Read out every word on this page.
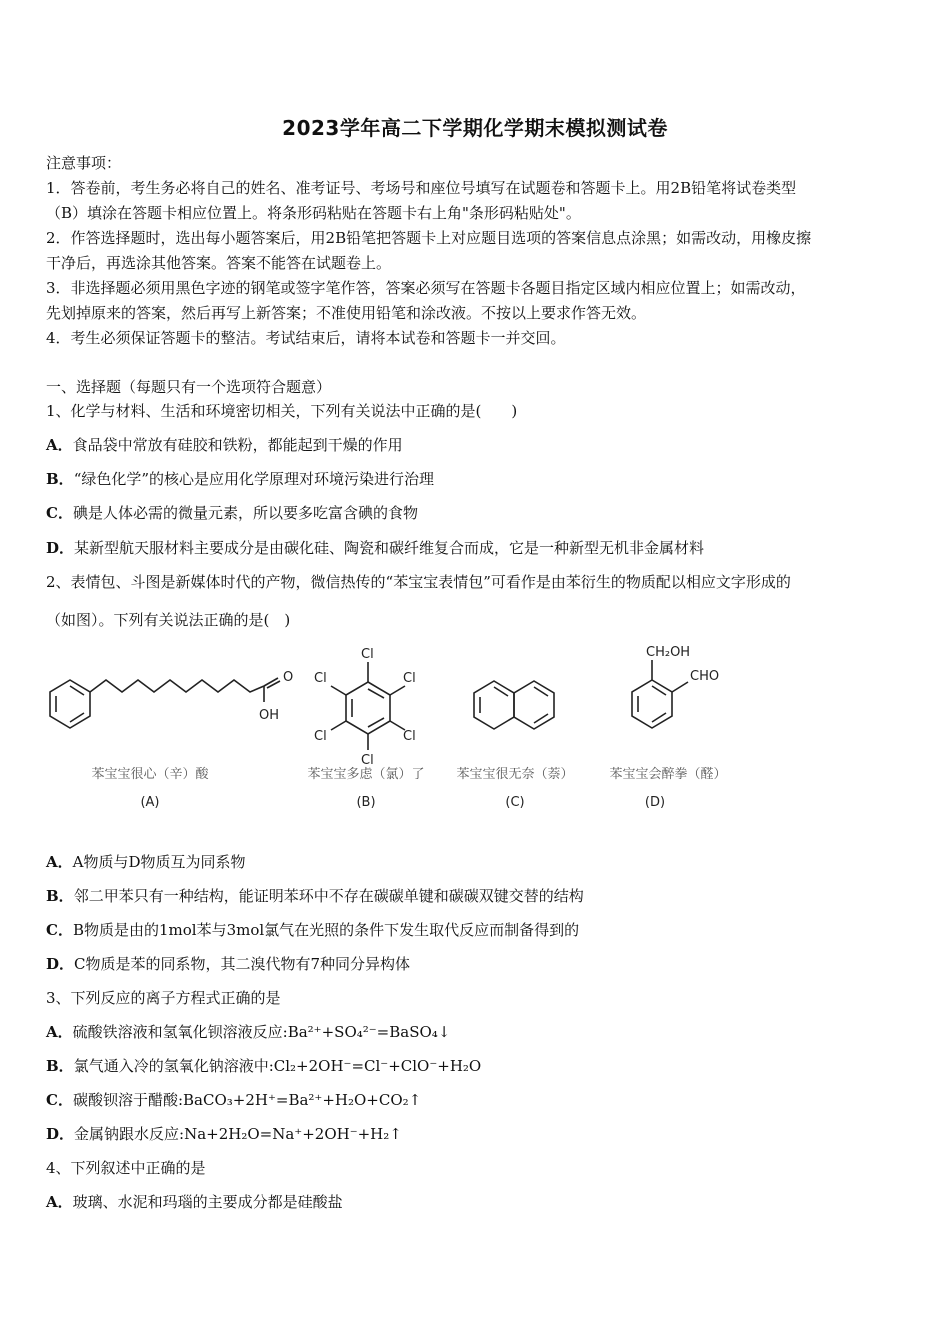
2023学年高二下学期化学期末模拟测试卷
注意事项：
1．答卷前，考生务必将自己的姓名、准考证号、考场号和座位号填写在试题卷和答题卡上。用2B铅笔将试卷类型
（B）填涂在答题卡相应位置上。将条形码粘贴在答题卡右上角"条形码粘贴处"。
2．作答选择题时，选出每小题答案后，用2B铅笔把答题卡上对应题目选项的答案信息点涂黑；如需改动，用橡皮擦
干净后，再选涂其他答案。答案不能答在试题卷上。
3．非选择题必须用黑色字迹的钢笔或签字笔作答，答案必须写在答题卡各题目指定区域内相应位置上；如需改动，
先划掉原来的答案，然后再写上新答案；不准使用铅笔和涂改液。不按以上要求作答无效。
4．考生必须保证答题卡的整洁。考试结束后，请将本试卷和答题卡一并交回。
一、选择题（每题只有一个选项符合题意）
1、化学与材料、生活和环境密切相关，下列有关说法中正确的是(　　)
A．食品袋中常放有硅胶和铁粉，都能起到干燥的作用
B．“绿色化学”的核心是应用化学原理对环境污染进行治理
C．碘是人体必需的微量元素，所以要多吃富含碘的食物
D．某新型航天服材料主要成分是由碳化硅、陶瓷和碳纤维复合而成，它是一种新型无机非金属材料
2、表情包、斗图是新媒体时代的产物，微信热传的“苯宝宝表情包”可看作是由苯衍生的物质配以相应文字形成的
（如图）。下列有关说法正确的是(　)
O
OH
Cl
Cl
Cl
Cl
Cl
Cl
CH₂OH
CHO
苯宝宝很心（辛）酸	苯宝宝多虑（氯）了 苯宝宝很无奈（萘）	苯宝宝会醉拳（醛）
(A)	(B)	(C)	(D)
A．A物质与D物质互为同系物
B．邻二甲苯只有一种结构，能证明苯环中不存在碳碳单键和碳碳双键交替的结构
C．B物质是由的1mol苯与3mol氯气在光照的条件下发生取代反应而制备得到的
D．C物质是苯的同系物，其二溴代物有7种同分异构体
3、下列反应的离子方程式正确的是
A．硫酸铁溶液和氢氧化钡溶液反应:Ba²⁺+SO₄²⁻=BaSO₄↓
B．氯气通入冷的氢氧化钠溶液中:Cl₂+2OH⁻=Cl⁻+ClO⁻+H₂O
C．碳酸钡溶于醋酸:BaCO₃+2H⁺=Ba²⁺+H₂O+CO₂↑
D．金属钠跟水反应:Na+2H₂O=Na⁺+2OH⁻+H₂↑
4、下列叙述中正确的是
A．玻璃、水泥和玛瑙的主要成分都是硅酸盐
